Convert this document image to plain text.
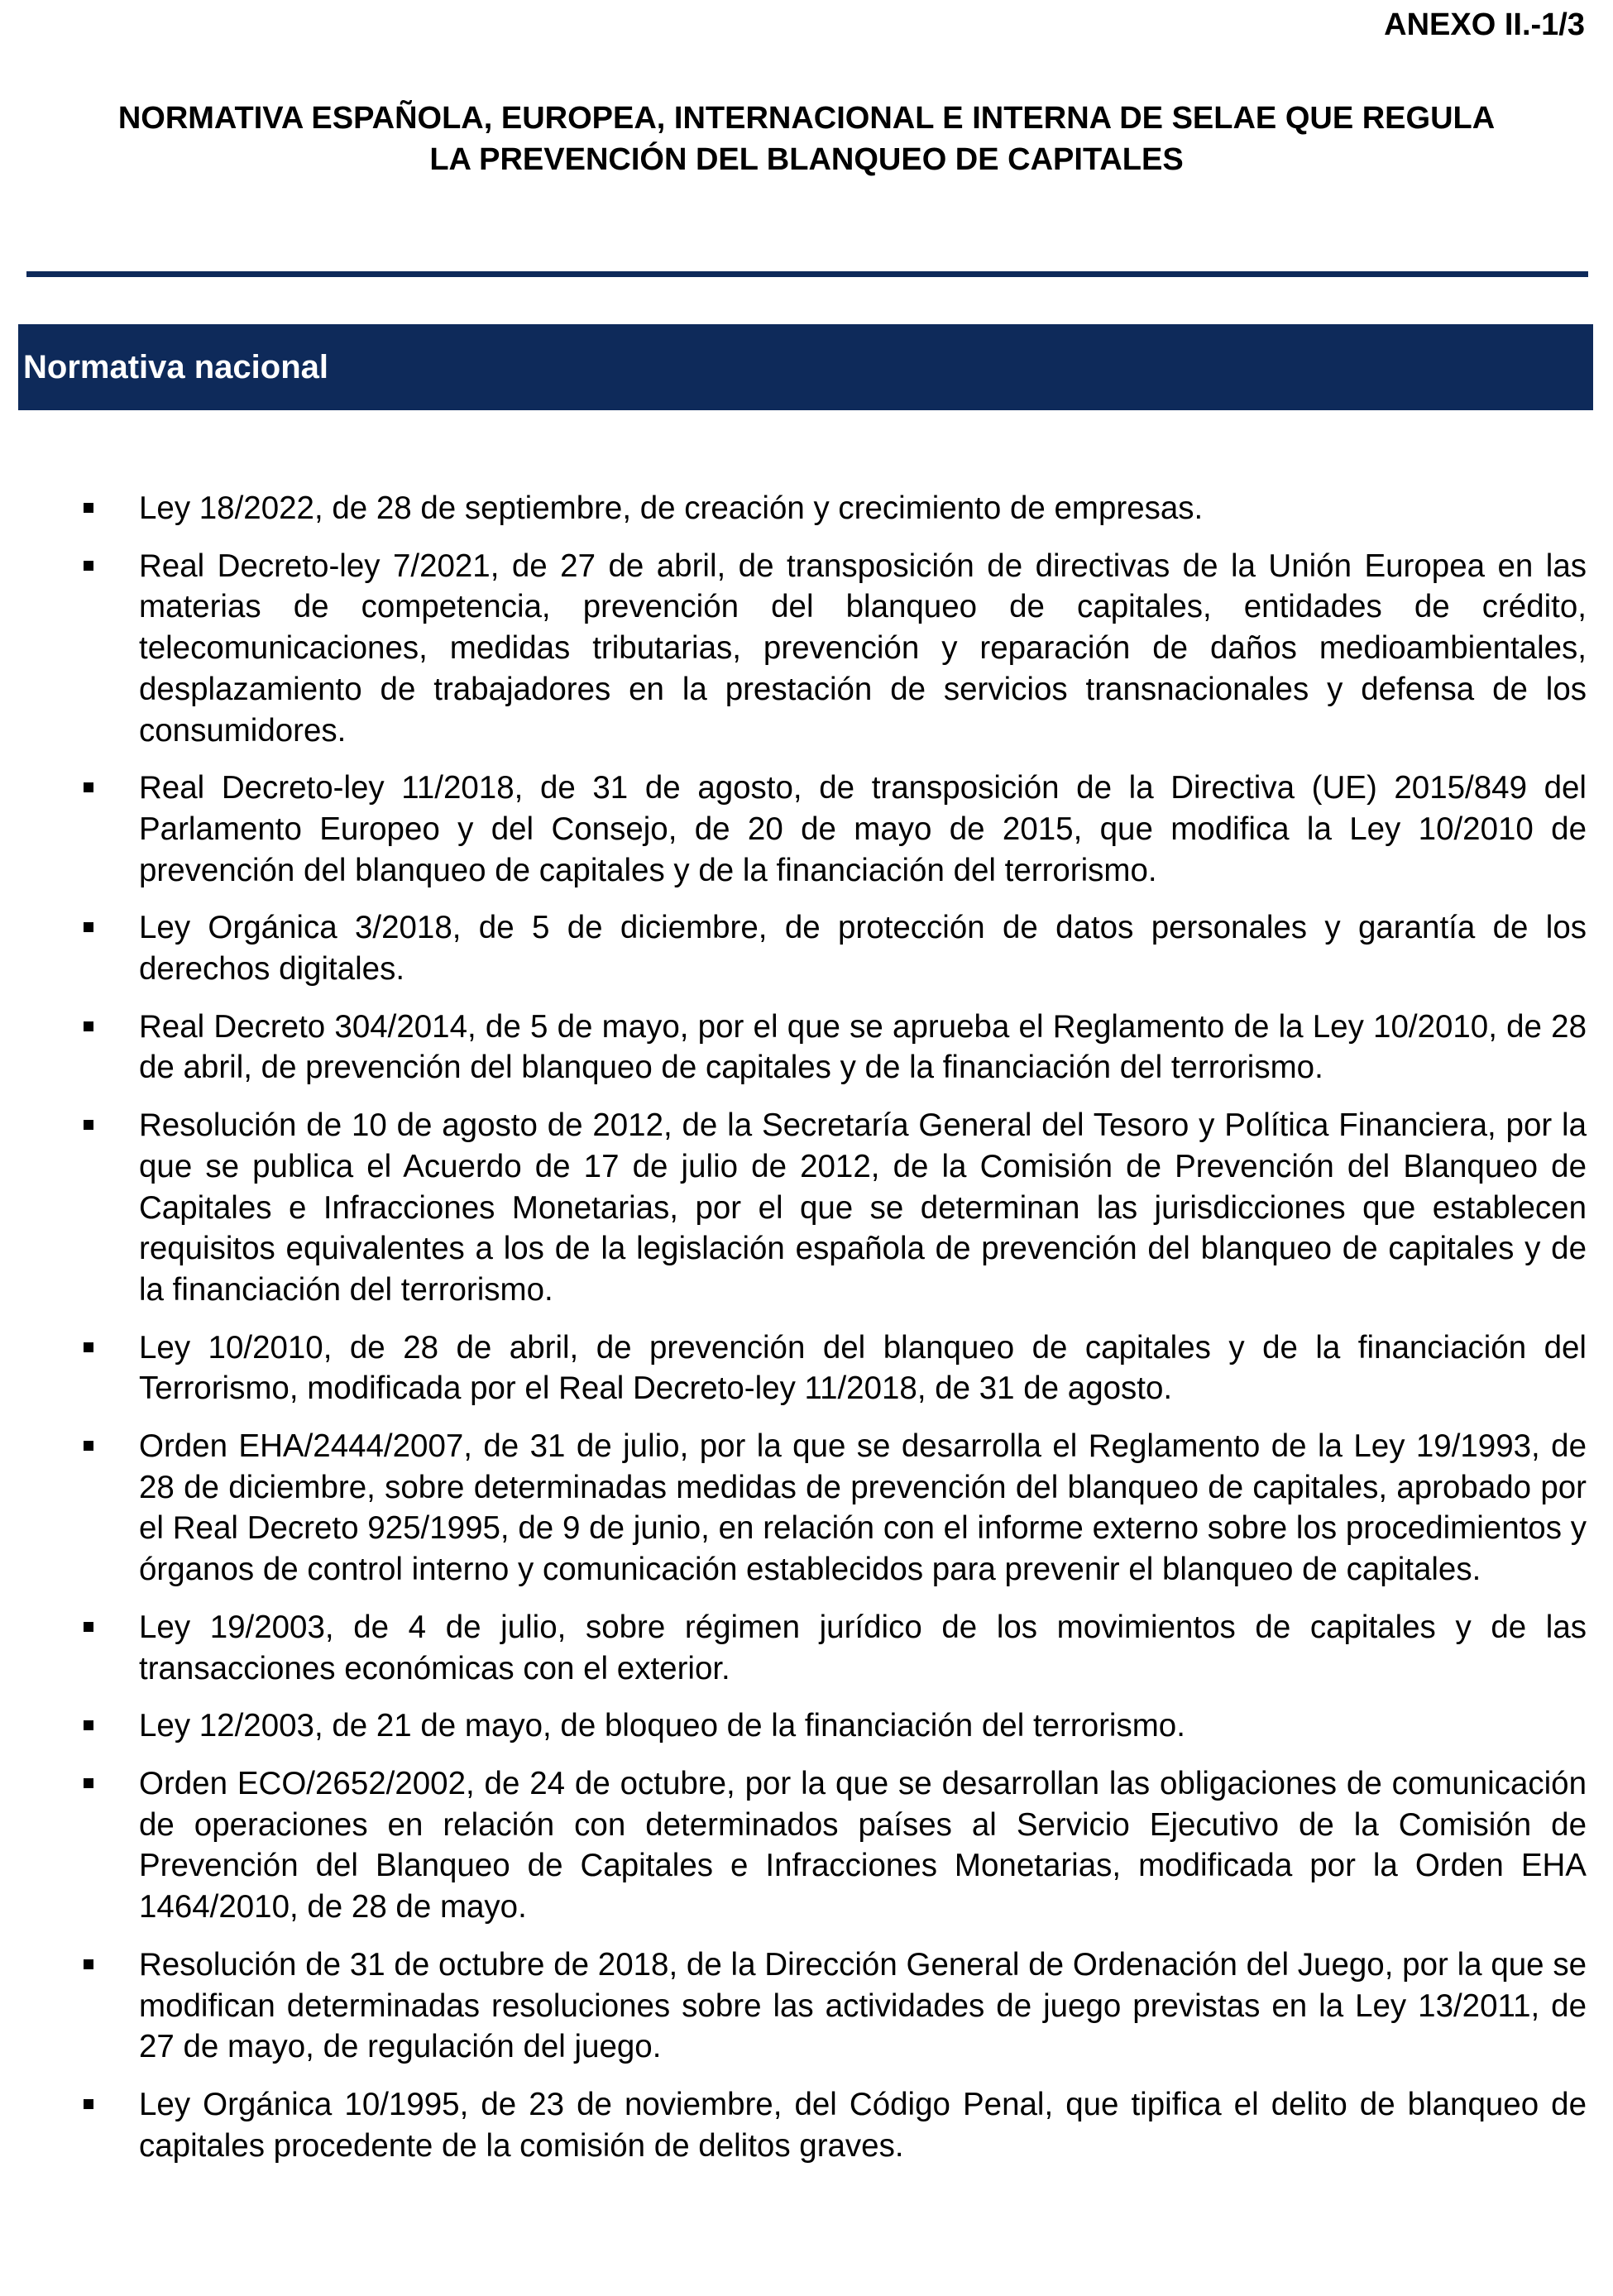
ANEXO II.-1/3
NORMATIVA ESPAÑOLA, EUROPEA, INTERNACIONAL E INTERNA DE SELAE QUE REGULA
LA PREVENCIÓN DEL BLANQUEO DE CAPITALES
Normativa nacional
Ley 18/2022, de 28 de septiembre, de creación y crecimiento de empresas.
Real Decreto-ley 7/2021, de 27 de abril, de transposición de directivas de la Unión Europea en las materias de competencia, prevención del blanqueo de capitales, entidades de crédito, telecomunicaciones, medidas tributarias, prevención y reparación de daños medioambientales, desplazamiento de trabajadores en la prestación de servicios transnacionales y defensa de los consumidores.
Real Decreto-ley 11/2018, de 31 de agosto, de transposición de la Directiva (UE) 2015/849 del Parlamento Europeo y del Consejo, de 20 de mayo de 2015, que modifica la Ley 10/2010 de prevención del blanqueo de capitales y de la financiación del terrorismo.
Ley Orgánica 3/2018, de 5 de diciembre, de protección de datos personales y garantía de los derechos digitales.
Real Decreto 304/2014, de 5 de mayo, por el que se aprueba el Reglamento de la Ley 10/2010, de 28 de abril, de prevención del blanqueo de capitales y de la financiación del terrorismo.
Resolución de 10 de agosto de 2012, de la Secretaría General del Tesoro y Política Financiera, por la que se publica el Acuerdo de 17 de julio de 2012, de la Comisión de Prevención del Blanqueo de Capitales e Infracciones Monetarias, por el que se determinan las jurisdicciones que establecen requisitos equivalentes a los de la legislación española de prevención del blanqueo de capitales y de la financiación del terrorismo.
Ley 10/2010, de 28 de abril, de prevención del blanqueo de capitales y de la financiación del Terrorismo, modificada por el Real Decreto-ley 11/2018, de 31 de agosto.
Orden EHA/2444/2007, de 31 de julio, por la que se desarrolla el Reglamento de la Ley 19/1993, de 28 de diciembre, sobre determinadas medidas de prevención del blanqueo de capitales, aprobado por el Real Decreto 925/1995, de 9 de junio, en relación con el informe externo sobre los procedimientos y órganos de control interno y comunicación establecidos para prevenir el blanqueo de capitales.
Ley 19/2003, de 4 de julio, sobre régimen jurídico de los movimientos de capitales y de las transacciones económicas con el exterior.
Ley 12/2003, de 21 de mayo, de bloqueo de la financiación del terrorismo.
Orden ECO/2652/2002, de 24 de octubre, por la que se desarrollan las obligaciones de comunicación de operaciones en relación con determinados países al Servicio Ejecutivo de la Comisión de Prevención del Blanqueo de Capitales e Infracciones Monetarias, modificada por la Orden EHA 1464/2010, de 28 de mayo.
Resolución de 31 de octubre de 2018, de la Dirección General de Ordenación del Juego, por la que se modifican determinadas resoluciones sobre las actividades de juego previstas en la Ley 13/2011, de 27 de mayo, de regulación del juego.
Ley Orgánica 10/1995, de 23 de noviembre, del Código Penal, que tipifica el delito de blanqueo de capitales procedente de la comisión de delitos graves.
